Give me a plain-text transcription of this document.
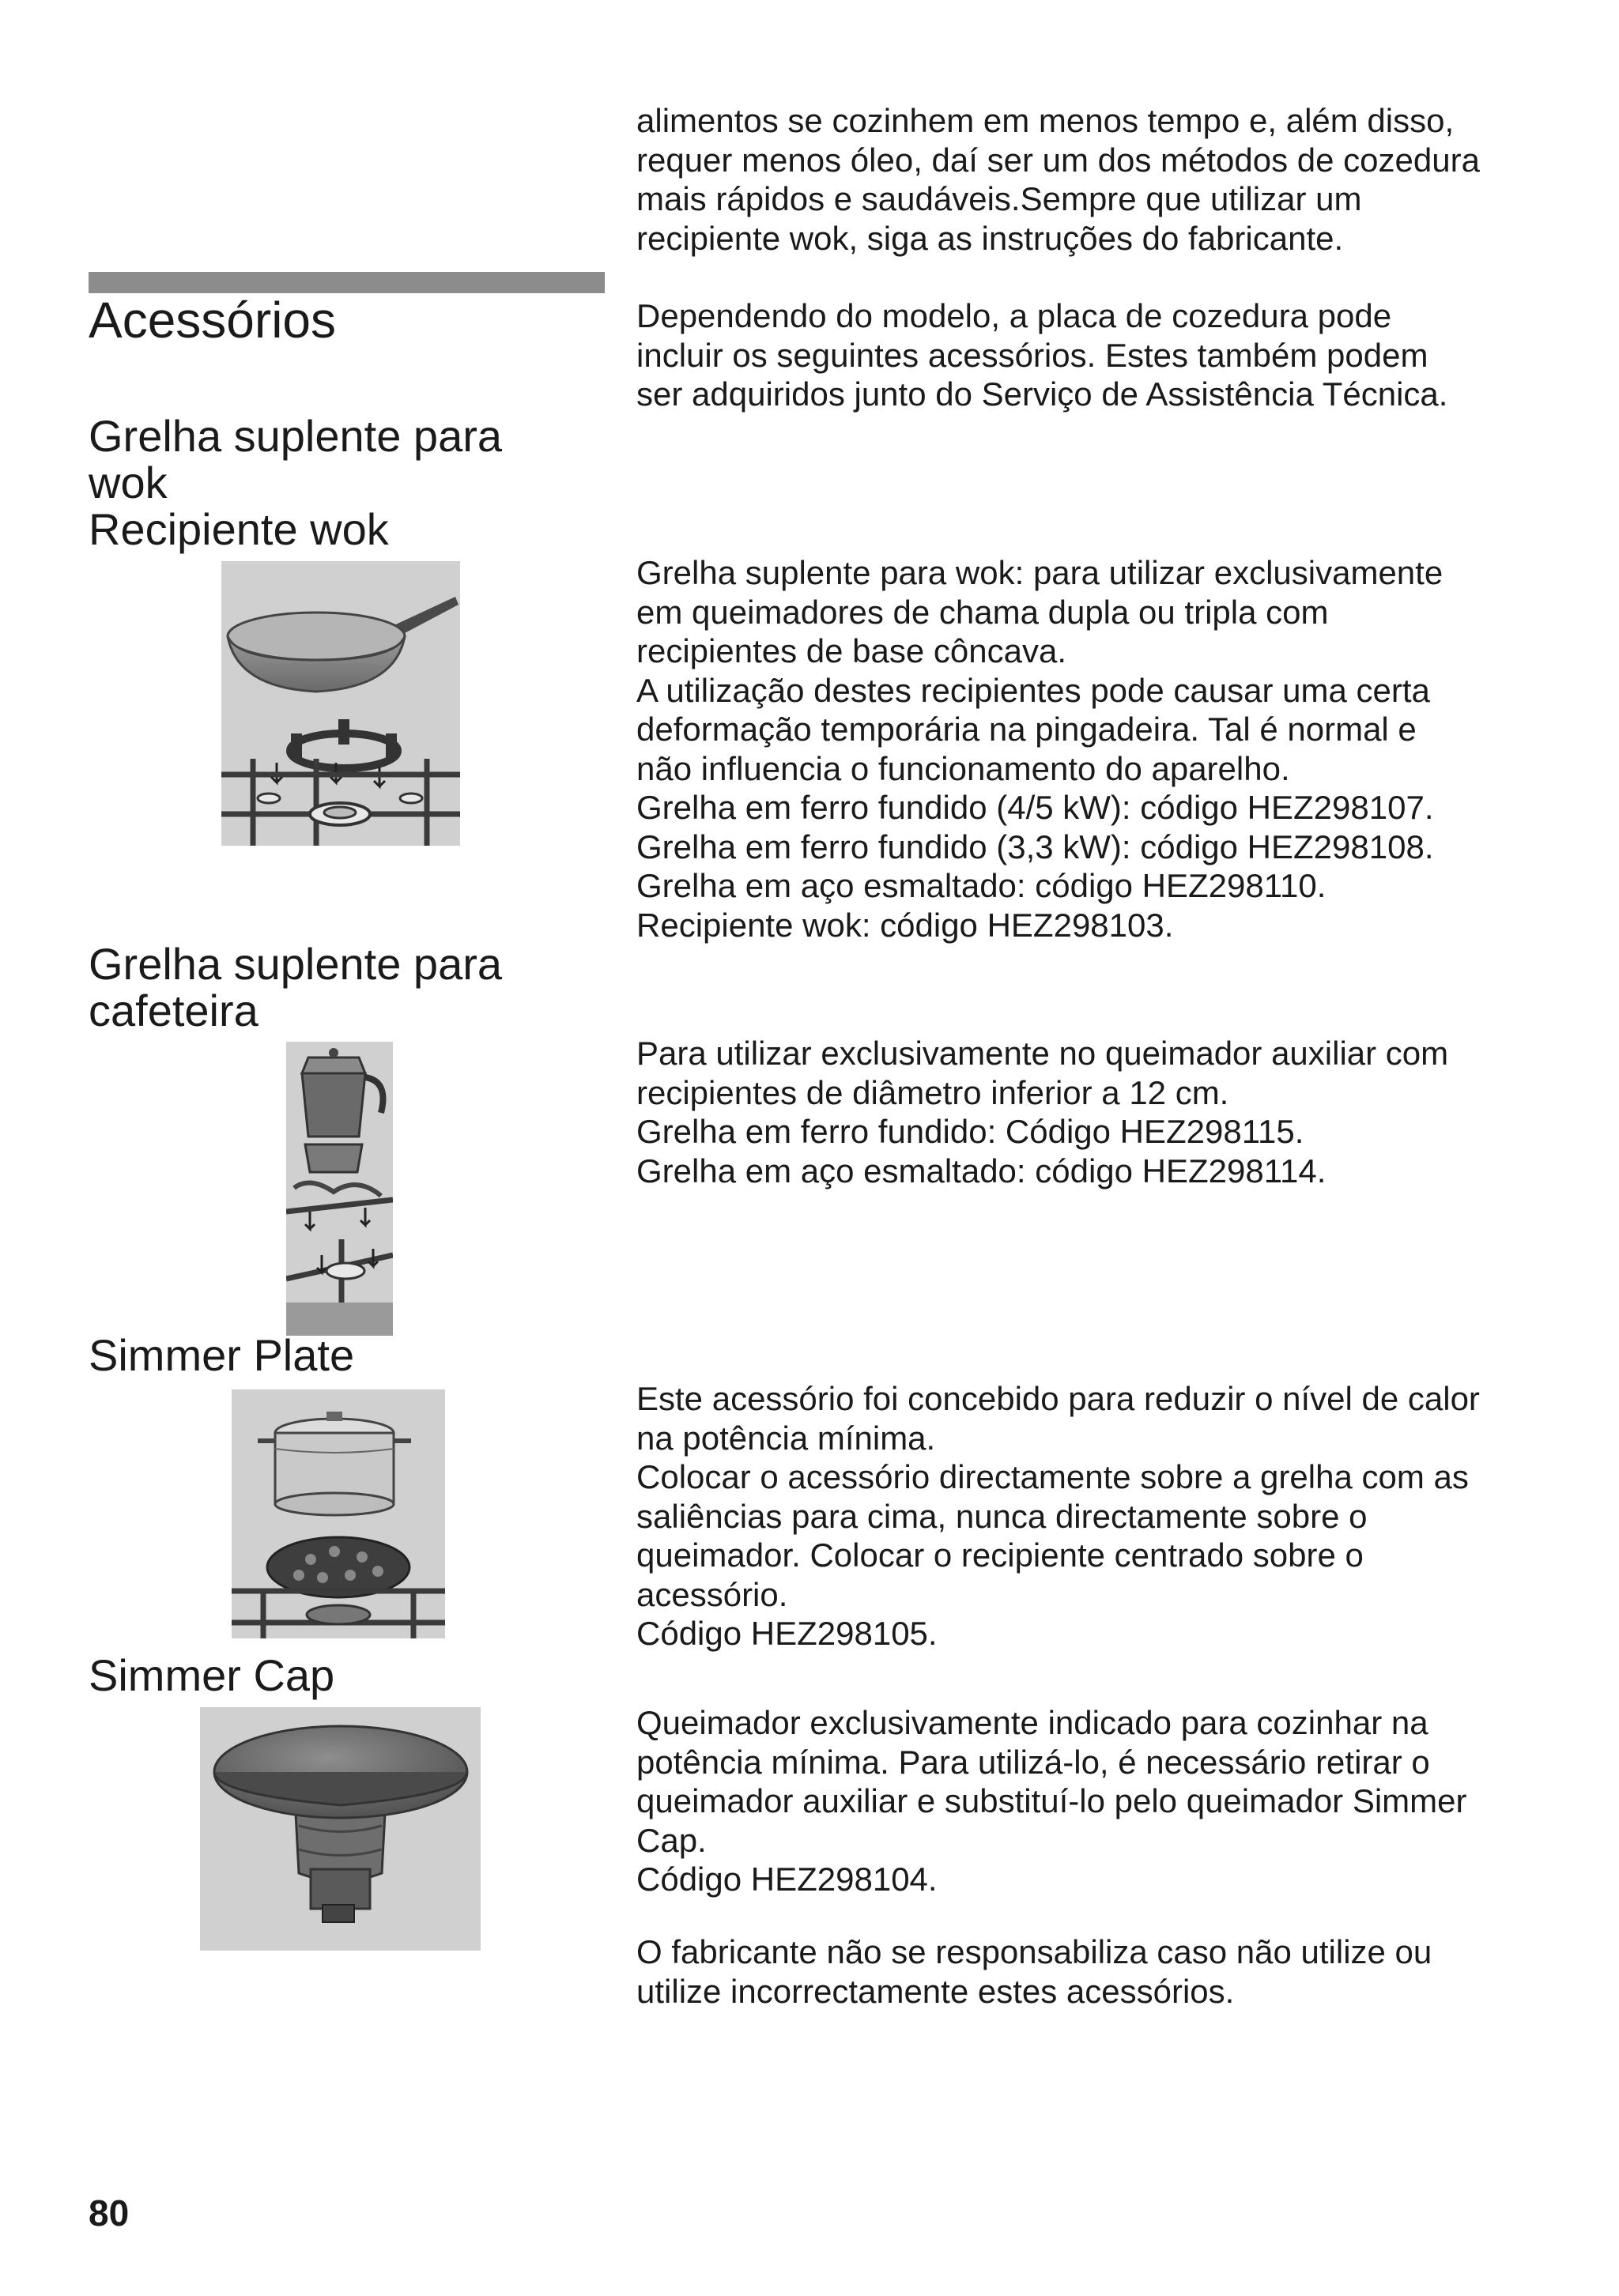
alimentos se cozinhem em menos tempo e, além disso,
requer menos óleo, daí ser um dos métodos de cozedura
mais rápidos e saudáveis.Sempre que utilizar um
recipiente wok, siga as instruções do fabricante.

Acessórios	Dependendo do modelo, a placa de cozedura pode
incluir os seguintes acessórios. Estes também podem
ser adquiridos junto do Serviço de Assistência Técnica.

Grelha suplente para
wok
Recipiente wok

Grelha suplente para wok: para utilizar exclusivamente
em queimadores de chama dupla ou tripla com
recipientes de base côncava.
A utilização destes recipientes pode causar uma certa
deformação temporária na pingadeira. Tal é normal e
não influencia o funcionamento do aparelho.
Grelha em ferro fundido (4/5 kW): código HEZ298107.
Grelha em ferro fundido (3,3 kW): código HEZ298108.
Grelha em aço esmaltado: código HEZ298110.
Recipiente wok: código HEZ298103.

Grelha suplente para
cafeteira

Para utilizar exclusivamente no queimador auxiliar com
recipientes de diâmetro inferior a 12 cm.
Grelha em ferro fundido: Código HEZ298115.
Grelha em aço esmaltado: código HEZ298114.

Simmer Plate

Este acessório foi concebido para reduzir o nível de calor
na potência mínima.
Colocar o acessório directamente sobre a grelha com as
saliências para cima, nunca directamente sobre o
queimador. Colocar o recipiente centrado sobre o
acessório.
Código HEZ298105.

Simmer Cap

Queimador exclusivamente indicado para cozinhar na
potência mínima. Para utilizá-lo, é necessário retirar o
queimador auxiliar e substituí-lo pelo queimador Simmer
Cap.
Código HEZ298104.

O fabricante não se responsabiliza caso não utilize ou
utilize incorrectamente estes acessórios.

80
